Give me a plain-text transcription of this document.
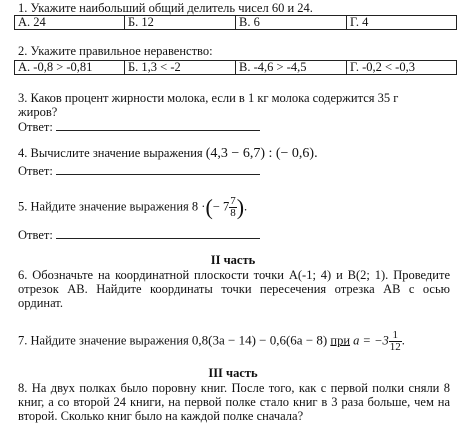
1. Укажите наибольший общий делитель чисел 60 и 24.
А. 24	Б. 12	В. 6	Г. 4
2. Укажите правильное неравенство:
А. -0,8 > -0,81	Б. 1,3 < -2	В. -4,6 > -4,5	Г. -0,2 < -0,3
3. Каков процент жирности молока, если в 1 кг молока содержится 35 г
жиров?
Ответ:
4. Вычислите значение выражения (4,3 − 6,7) : (− 0,6).
Ответ:
5. Найдите значение выражения 8 ·(− $7 \frac{7}{8}$ ).
Ответ:
II часть
6. Обозначьте на координатной плоскости точки A(-1; 4) и B(2; 1). Проведите отрезок АВ. Найдите координаты точки пересечения отрезка АВ с осью ординат.
7. Найдите значение выражения 0,8(3a − 14) − 0,6(6a − 8) при $a = -3 \frac{1}{12}$ .
III часть
8. На двух полках было поровну книг. После того, как с первой полки сняли 8 книг, а со второй 24 книги, на первой полке стало книг в 3 раза больше, чем на второй. Сколько книг было на каждой полке сначала?
